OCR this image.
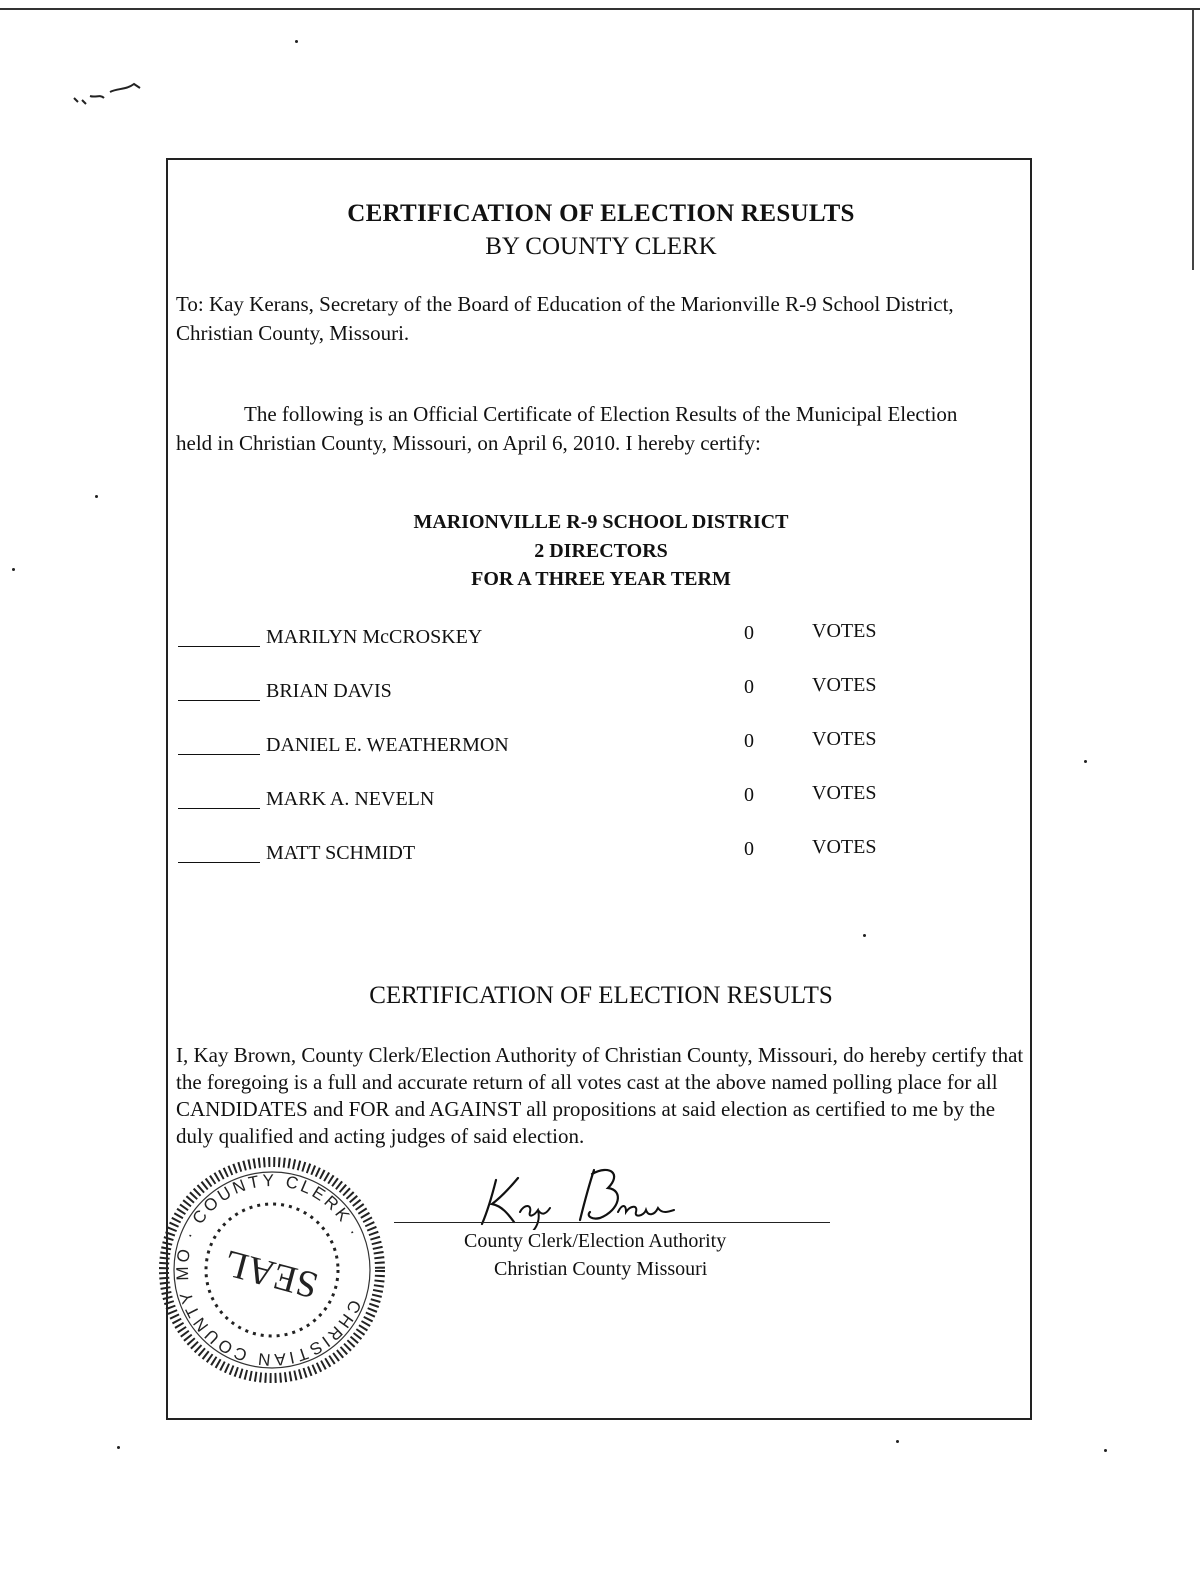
CERTIFICATION OF ELECTION RESULTS
BY COUNTY CLERK
To: Kay Kerans, Secretary of the Board of Education of the Marionville R-9 School District, Christian County, Missouri.
The following is an Official Certificate of Election Results of the Municipal Election held in Christian County, Missouri, on April 6, 2010. I hereby certify:
MARIONVILLE R-9 SCHOOL DISTRICT
2 DIRECTORS
FOR A THREE YEAR TERM
MARILYN McCROSKEY	0	VOTES
BRIAN DAVIS	0	VOTES
DANIEL E. WEATHERMON	0	VOTES
MARK A. NEVELN	0	VOTES
MATT SCHMIDT	0	VOTES
CERTIFICATION OF ELECTION RESULTS
I, Kay Brown, County Clerk/Election Authority of Christian County, Missouri, do hereby certify that the foregoing is a full and accurate return of all votes cast at the above named polling place for all CANDIDATES and FOR and AGAINST all propositions at said election as certified to me by the duly qualified and acting judges of said election.
County Clerk/Election Authority
Christian County Missouri
CHRISTIAN COUNTY MO · COUNTY CLERK ·
SEAL
